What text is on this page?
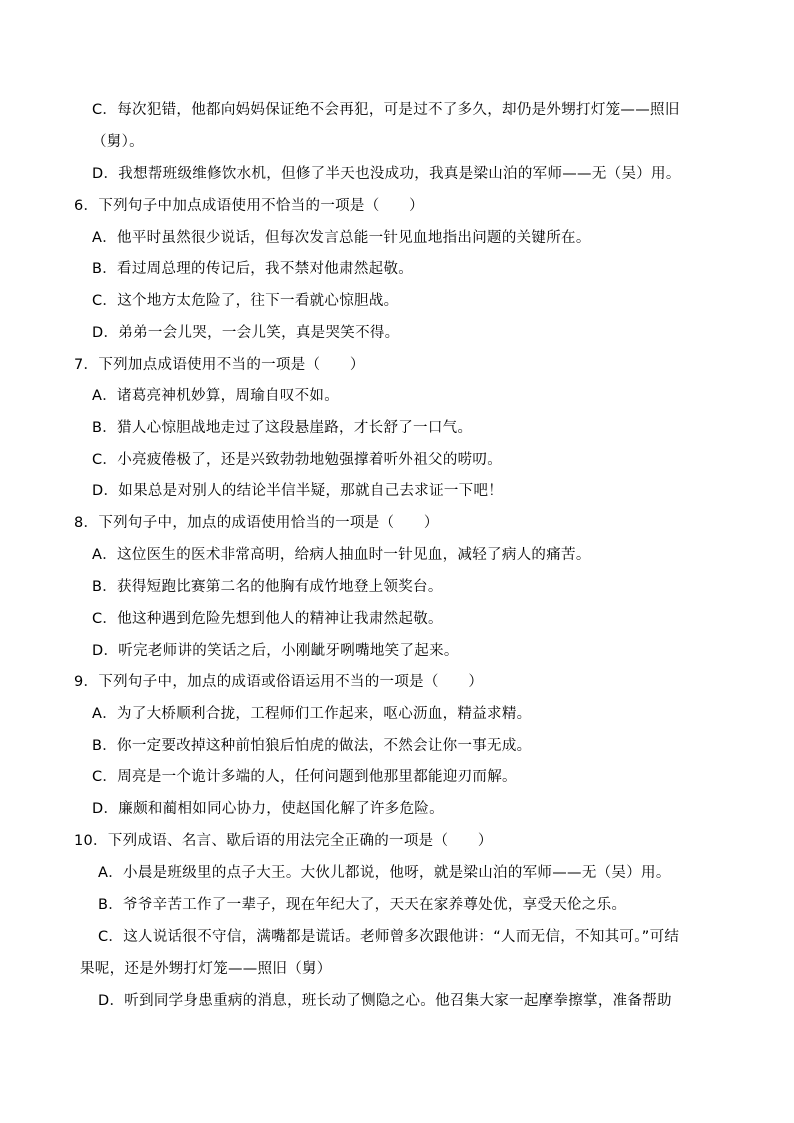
C．每次犯错，他都向妈妈保证绝不会再犯，可是过不了多久，却仍是外甥打灯笼——照旧
（舅）。
D．我想帮班级维修饮水机，但修了半天也没成功，我真是梁山泊的军师——无（吴）用。
6．下列句子中加点成语使用不恰当的一项是（　　）
A．他平时虽然很少说话，但每次发言总能一针见血地指出问题的关键所在。
B．看过周总理的传记后，我不禁对他肃然起敬。
C．这个地方太危险了，往下一看就心惊胆战。
D．弟弟一会儿哭，一会儿笑，真是哭笑不得。
7．下列加点成语使用不当的一项是（　　）
A．诸葛亮神机妙算，周瑜自叹不如。
B．猎人心惊胆战地走过了这段悬崖路，才长舒了一口气。
C．小亮疲倦极了，还是兴致勃勃地勉强撑着听外祖父的唠叨。
D．如果总是对别人的结论半信半疑，那就自己去求证一下吧！
8．下列句子中，加点的成语使用恰当的一项是（　　）
A．这位医生的医术非常高明，给病人抽血时一针见血，减轻了病人的痛苦。
B．获得短跑比赛第二名的他胸有成竹地登上领奖台。
C．他这种遇到危险先想到他人的精神让我肃然起敬。
D．听完老师讲的笑话之后，小刚龇牙咧嘴地笑了起来。
9．下列句子中，加点的成语或俗语运用不当的一项是（　　）
A．为了大桥顺利合拢，工程师们工作起来，呕心沥血，精益求精。
B．你一定要改掉这种前怕狼后怕虎的做法，不然会让你一事无成。
C．周亮是一个诡计多端的人，任何问题到他那里都能迎刃而解。
D．廉颇和蔺相如同心协力，使赵国化解了许多危险。
10．下列成语、名言、歇后语的用法完全正确的一项是（　　）
A．小晨是班级里的点子大王。大伙儿都说，他呀，就是梁山泊的军师——无（吴）用。
B．爷爷辛苦工作了一辈子，现在年纪大了，天天在家养尊处优，享受天伦之乐。
C．这人说话很不守信，满嘴都是谎话。老师曾多次跟他讲：“人而无信，不知其可。”可结
果呢，还是外甥打灯笼——照旧（舅）
D．听到同学身患重病的消息，班长动了恻隐之心。他召集大家一起摩拳擦掌，准备帮助
